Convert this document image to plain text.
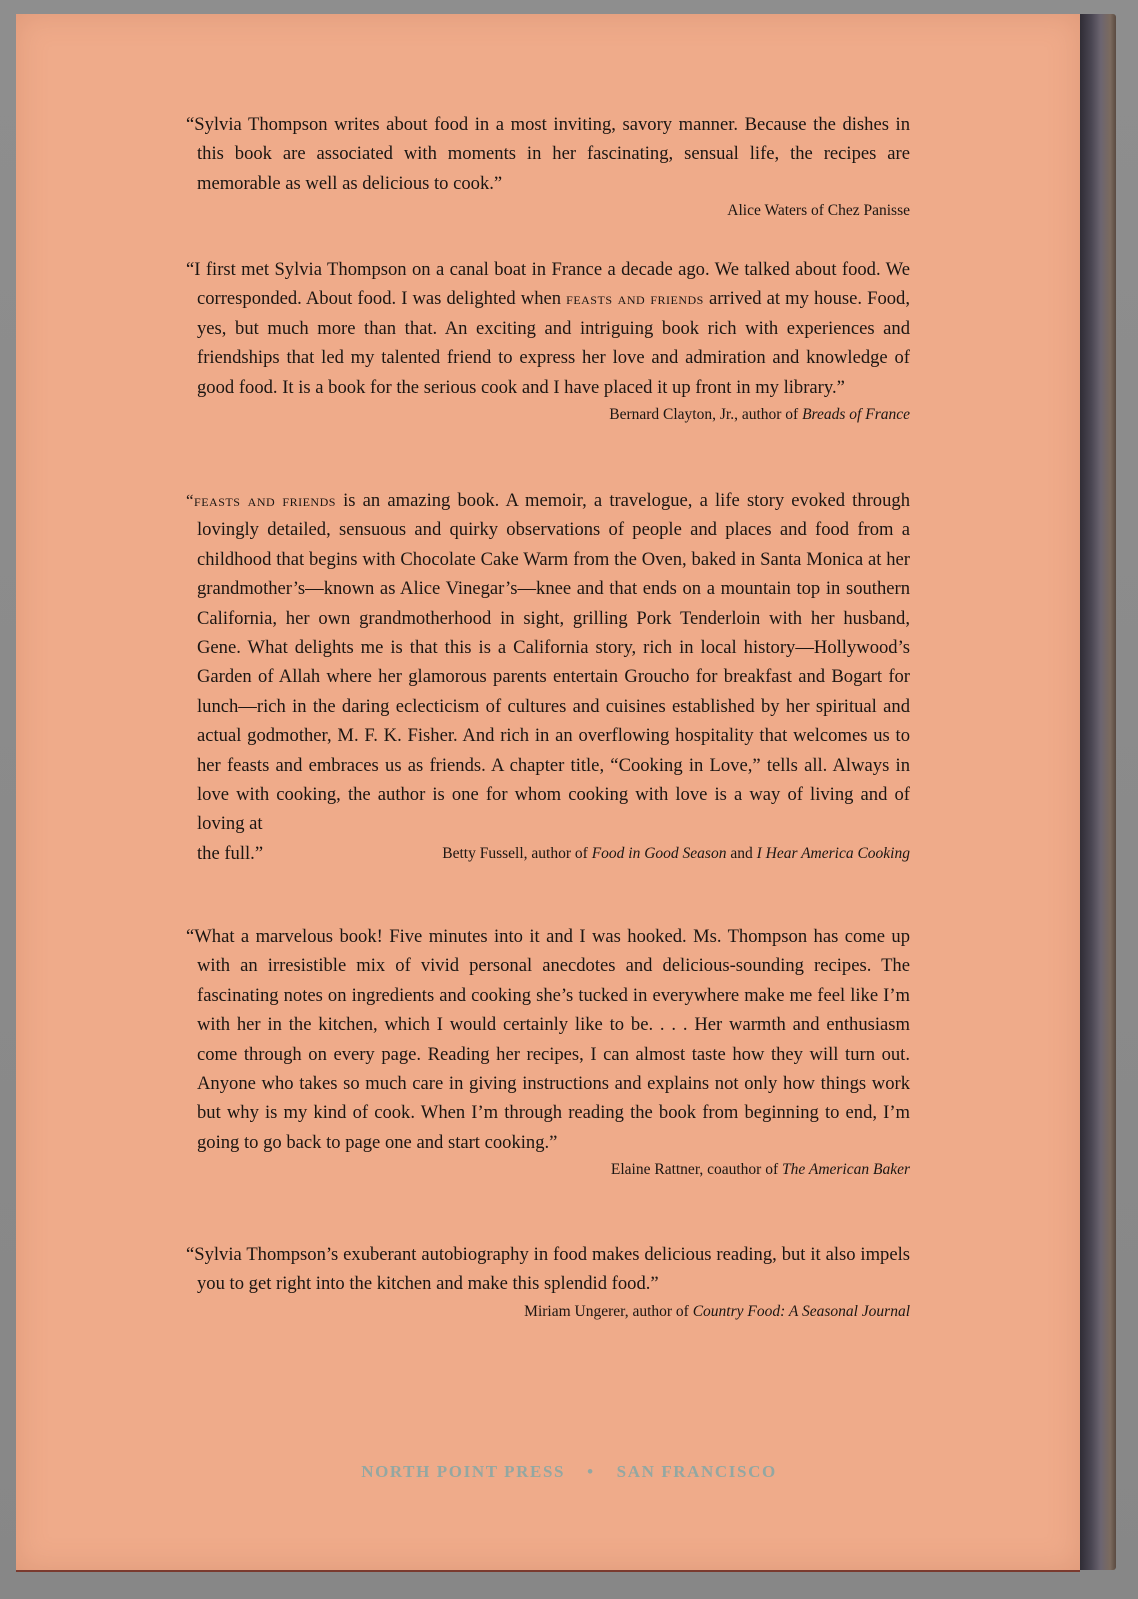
“Sylvia Thompson writes about food in a most inviting, savory manner. Because the dishes in this book are associated with moments in her fascinating, sensual life, the recipes are memorable as well as delicious to cook.”

Alice Waters of Chez Panisse

“I first met Sylvia Thompson on a canal boat in France a decade ago. We talked about food. We corresponded. About food. I was delighted when feasts and friends arrived at my house. Food, yes, but much more than that. An exciting and intriguing book rich with experiences and friendships that led my talented friend to express her love and admiration and knowledge of good food. It is a book for the serious cook and I have placed it up front in my library.”

Bernard Clayton, Jr., author of Breads of France

“feasts and friends is an amazing book. A memoir, a travelogue, a life story evoked through lovingly detailed, sensuous and quirky observations of people and places and food from a childhood that begins with Chocolate Cake Warm from the Oven, baked in Santa Monica at her grandmother’s—known as Alice Vinegar’s—knee and that ends on a mountain top in southern California, her own grandmotherhood in sight, grilling Pork Tenderloin with her husband, Gene. What delights me is that this is a California story, rich in local history—Hollywood’s Garden of Allah where her glamorous parents entertain Groucho for breakfast and Bogart for lunch—rich in the daring eclecticism of cultures and cuisines established by her spiritual and actual godmother, M. F. K. Fisher. And rich in an overflowing hospitality that welcomes us to her feasts and embraces us as friends. A chapter title, “Cooking in Love,” tells all. Always in love with cooking, the author is one for whom cooking with love is a way of living and of loving at

the full.”	Betty Fussell, author of Food in Good Season and I Hear America Cooking

“What a marvelous book! Five minutes into it and I was hooked. Ms. Thompson has come up with an irresistible mix of vivid personal anecdotes and delicious-sounding recipes. The fascinating notes on ingredients and cooking she’s tucked in everywhere make me feel like I’m with her in the kitchen, which I would certainly like to be. . . . Her warmth and enthusiasm come through on every page. Reading her recipes, I can almost taste how they will turn out. Anyone who takes so much care in giving instructions and explains not only how things work but why is my kind of cook. When I’m through reading the book from beginning to end, I’m going to go back to page one and start cooking.”

Elaine Rattner, coauthor of The American Baker

“Sylvia Thompson’s exuberant autobiography in food makes delicious reading, but it also impels you to get right into the kitchen and make this splendid food.”

Miriam Ungerer, author of Country Food: A Seasonal Journal

NORTH POINT PRESS • SAN FRANCISCO
